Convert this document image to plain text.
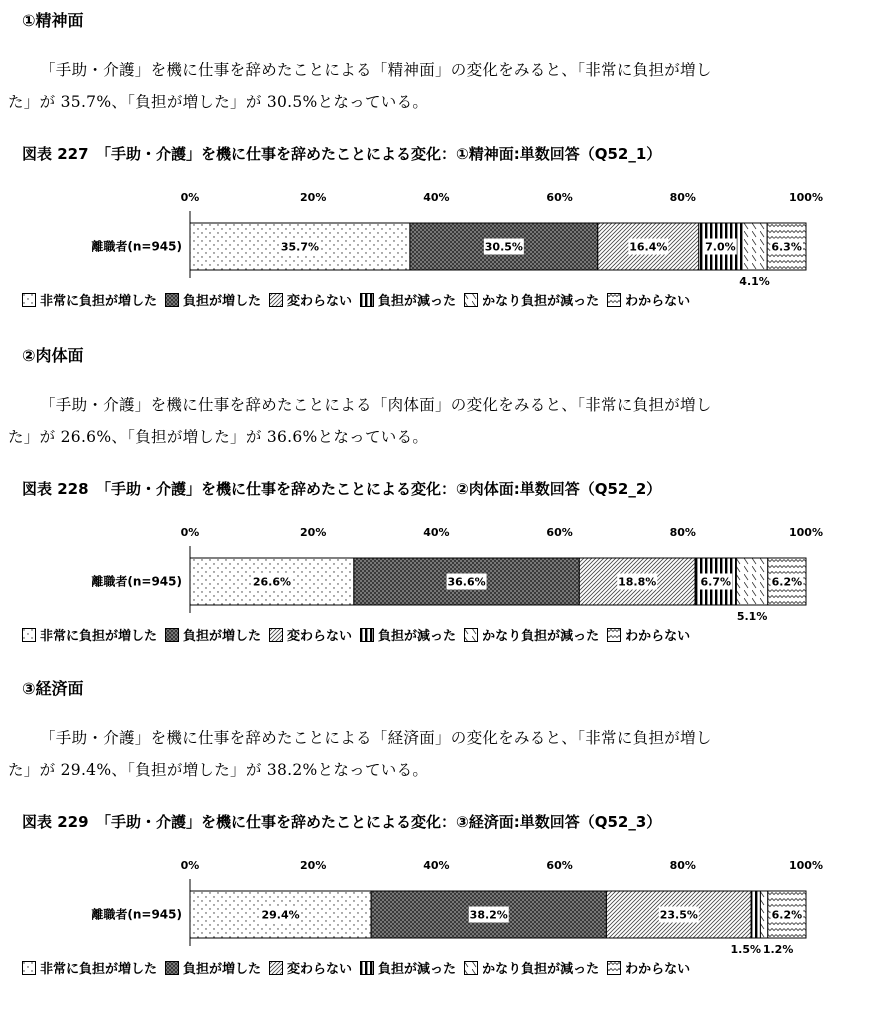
①精神面
「手助・介護」を機に仕事を辞めたことによる「精神面」の変化をみると、「非常に負担が増し
た」が 35.7%、「負担が増した」が 30.5%となっている。
図表 227　「手助・介護」を機に仕事を辞めたことによる変化：①精神面:単数回答（Q52_1）
0%	20%	40%	60%	80%	100%
離職者(n=945)	35.7%	30.5%	16.4%	7.0%
4.1%
6.3%
非常に負担が増した 負担が増した 変わらない 負担が減った かなり負担が減った わからない
②肉体面
「手助・介護」を機に仕事を辞めたことによる「肉体面」の変化をみると、「非常に負担が増し
た」が 26.6%、「負担が増した」が 36.6%となっている。
図表 228　「手助・介護」を機に仕事を辞めたことによる変化：②肉体面:単数回答（Q52_2）
0%	20%	40%	60%	80%	100%
離職者(n=945)	26.6%	36.6%	18.8%	6.7%
5.1%
6.2%
非常に負担が増した 負担が増した 変わらない 負担が減った かなり負担が減った わからない
③経済面
「手助・介護」を機に仕事を辞めたことによる「経済面」の変化をみると、「非常に負担が増し
た」が 29.4%、「負担が増した」が 38.2%となっている。
図表 229　「手助・介護」を機に仕事を辞めたことによる変化：③経済面:単数回答（Q52_3）
0%	20%	40%	60%	80%	100%
離職者(n=945)	29.4%	38.2%	23.5%
1.5% 1.2%
6.2%
非常に負担が増した 負担が増した 変わらない 負担が減った かなり負担が減った わからない
